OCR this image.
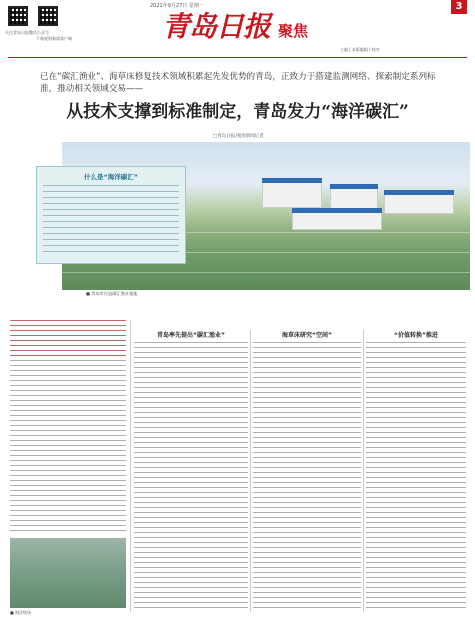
关注青岛日报微信公众号
下载观海新闻客户端
2021年9月27日 星期一
青岛日报 聚焦
3
主编 | 本版编辑 / 校对
已在“碳汇渔业”、海草床修复技术领域积累起先发优势的青岛，正致力于搭建监测网络、探索制定系列标准，推动相关领域交易——
从技术支撑到标准制定，青岛发力“海洋碳汇”
□青岛日报/观海新闻记者
什么是“海洋碳汇”
■ 青岛市打造碳汇渔业基地
青岛率先提出“碳汇渔业”	海草床研究“空间”	“价值转换”推进
■ 海洋牧场
